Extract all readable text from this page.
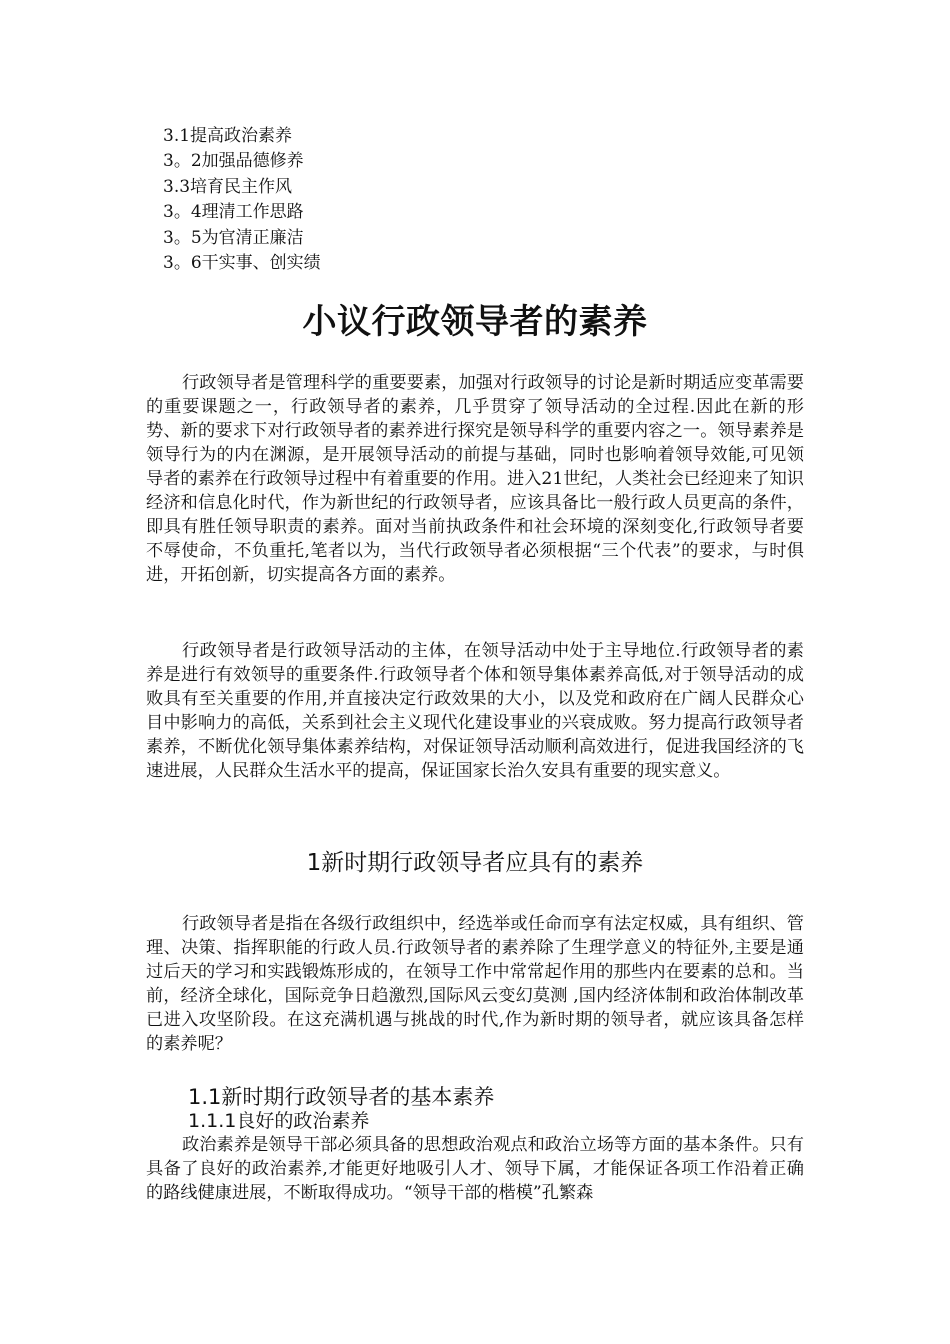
3.1提高政治素养

3。2加强品德修养

3.3培育民主作风

3。4理清工作思路

3。5为官清正廉洁

3。6干实事、创实绩

小议行政领导者的素养

行政领导者是管理科学的重要要素，加强对行政领导的讨论是新时期适应变革需要的重要课题之一，行政领导者的素养，几乎贯穿了领导活动的全过程.因此在新的形势、新的要求下对行政领导者的素养进行探究是领导科学的重要内容之一。领导素养是领导行为的内在渊源，是开展领导活动的前提与基础，同时也影响着领导效能,可见领导者的素养在行政领导过程中有着重要的作用。进入21世纪，人类社会已经迎来了知识经济和信息化时代，作为新世纪的行政领导者，应该具备比一般行政人员更高的条件，即具有胜任领导职责的素养。面对当前执政条件和社会环境的深刻变化,行政领导者要不辱使命，不负重托,笔者以为，当代行政领导者必须根据“三个代表”的要求，与时俱进，开拓创新，切实提高各方面的素养。

行政领导者是行政领导活动的主体，在领导活动中处于主导地位.行政领导者的素养是进行有效领导的重要条件.行政领导者个体和领导集体素养高低,对于领导活动的成败具有至关重要的作用,并直接决定行政效果的大小，以及党和政府在广阔人民群众心目中影响力的高低，关系到社会主义现代化建设事业的兴衰成败。努力提高行政领导者素养，不断优化领导集体素养结构，对保证领导活动顺利高效进行，促进我国经济的飞速进展，人民群众生活水平的提高，保证国家长治久安具有重要的现实意义。

1新时期行政领导者应具有的素养

行政领导者是指在各级行政组织中，经选举或任命而享有法定权威，具有组织、管理、决策、指挥职能的行政人员.行政领导者的素养除了生理学意义的特征外,主要是通过后天的学习和实践锻炼形成的，在领导工作中常常起作用的那些内在要素的总和。当前，经济全球化，国际竞争日趋激烈,国际风云变幻莫测 ,国内经济体制和政治体制改革已进入攻坚阶段。在这充满机遇与挑战的时代,作为新时期的领导者，就应该具备怎样的素养呢？

1.1新时期行政领导者的基本素养
1.1.1良好的政治素养

政治素养是领导干部必须具备的思想政治观点和政治立场等方面的基本条件。只有具备了良好的政治素养,才能更好地吸引人才、领导下属，才能保证各项工作沿着正确的路线健康进展，不断取得成功。“领导干部的楷模”孔繁森
